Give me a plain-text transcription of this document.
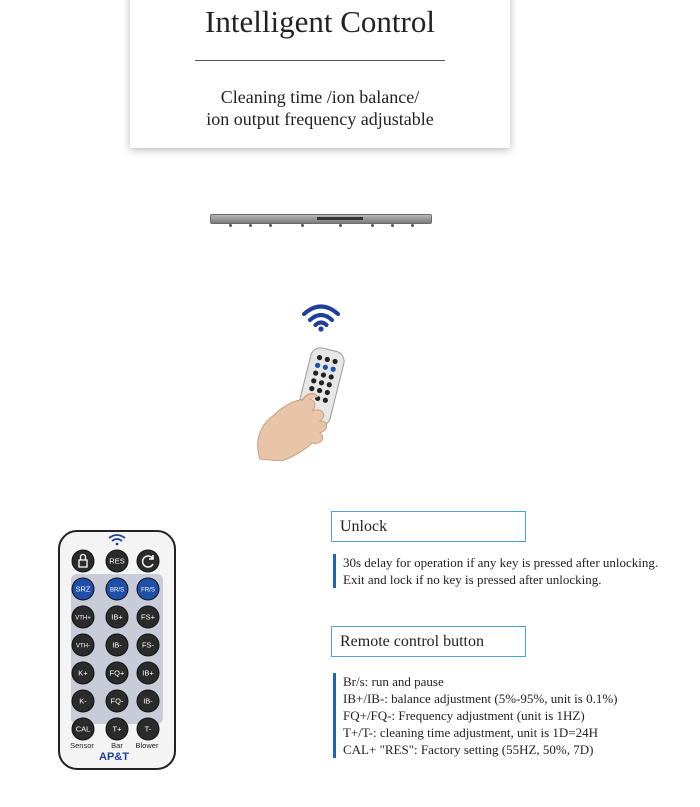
Intelligent Control
Cleaning time /ion balance/
ion output frequency adjustable
RES
SRZ	BR/S	FR/S
VTH+	IB+ FS+
VTH-	IB-	FS-
K+	FQ+ IB+
K-	FQ-	IB-
CAL	T+	T-
Sensor Bar Blower
AP&T
Unlock
30s delay for operation if any key is pressed after unlocking.
Exit and lock if no key is pressed after unlocking.
Remote control button
Br/s: run and pause
IB+/IB-: balance adjustment (5%-95%, unit is 0.1%)
FQ+/FQ-: Frequency adjustment (unit is 1HZ)
T+/T-: cleaning time adjustment, unit is 1D=24H
CAL+ "RES": Factory setting (55HZ, 50%, 7D)
